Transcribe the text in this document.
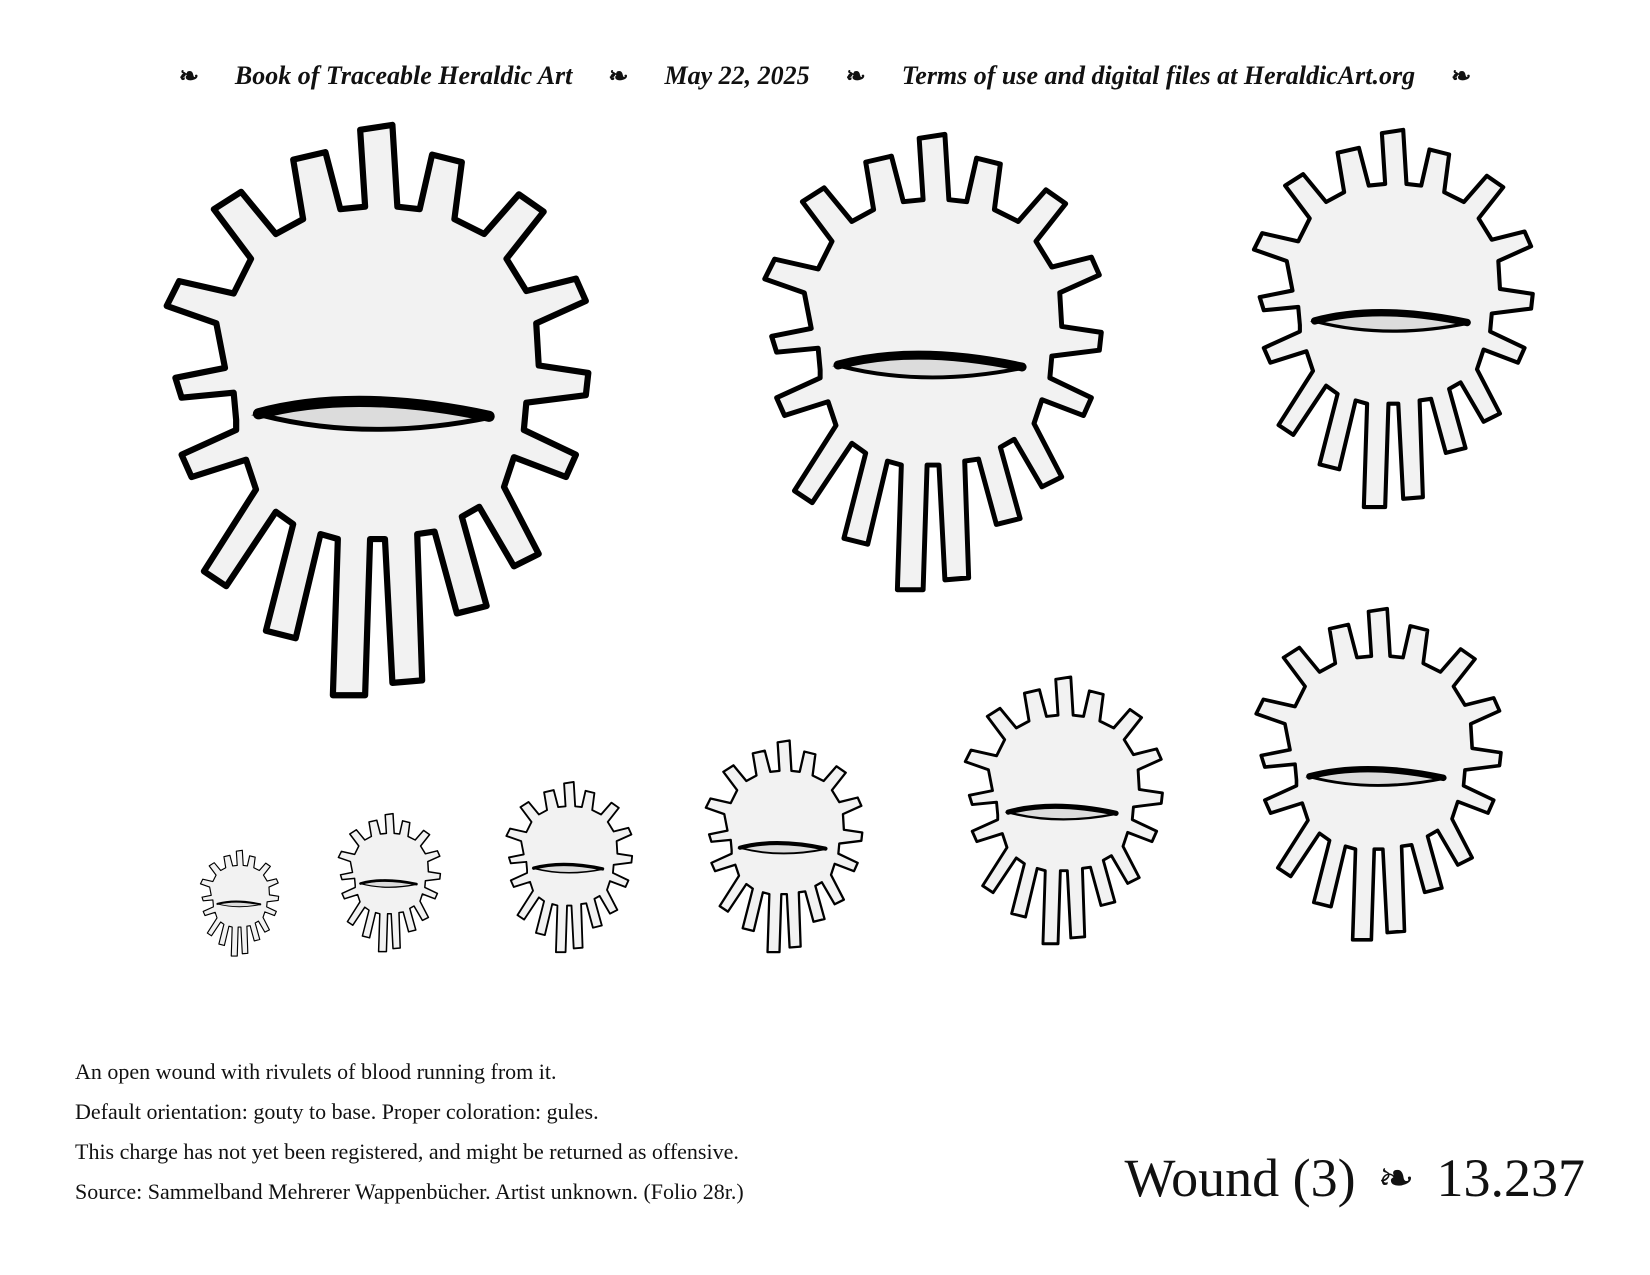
❧ Book of Traceable Heraldic Art ❧ May 22, 2025 ❧ Terms of use and digital files at HeraldicArt.org ❧
An open wound with rivulets of blood running from it.
Default orientation: gouty to base. Proper coloration: gules.
This charge has not yet been registered, and might be returned as offensive.
Source: Sammelband Mehrerer Wappenbücher. Artist unknown. (Folio 28r.)	Wound (3) ❧ 13.237
